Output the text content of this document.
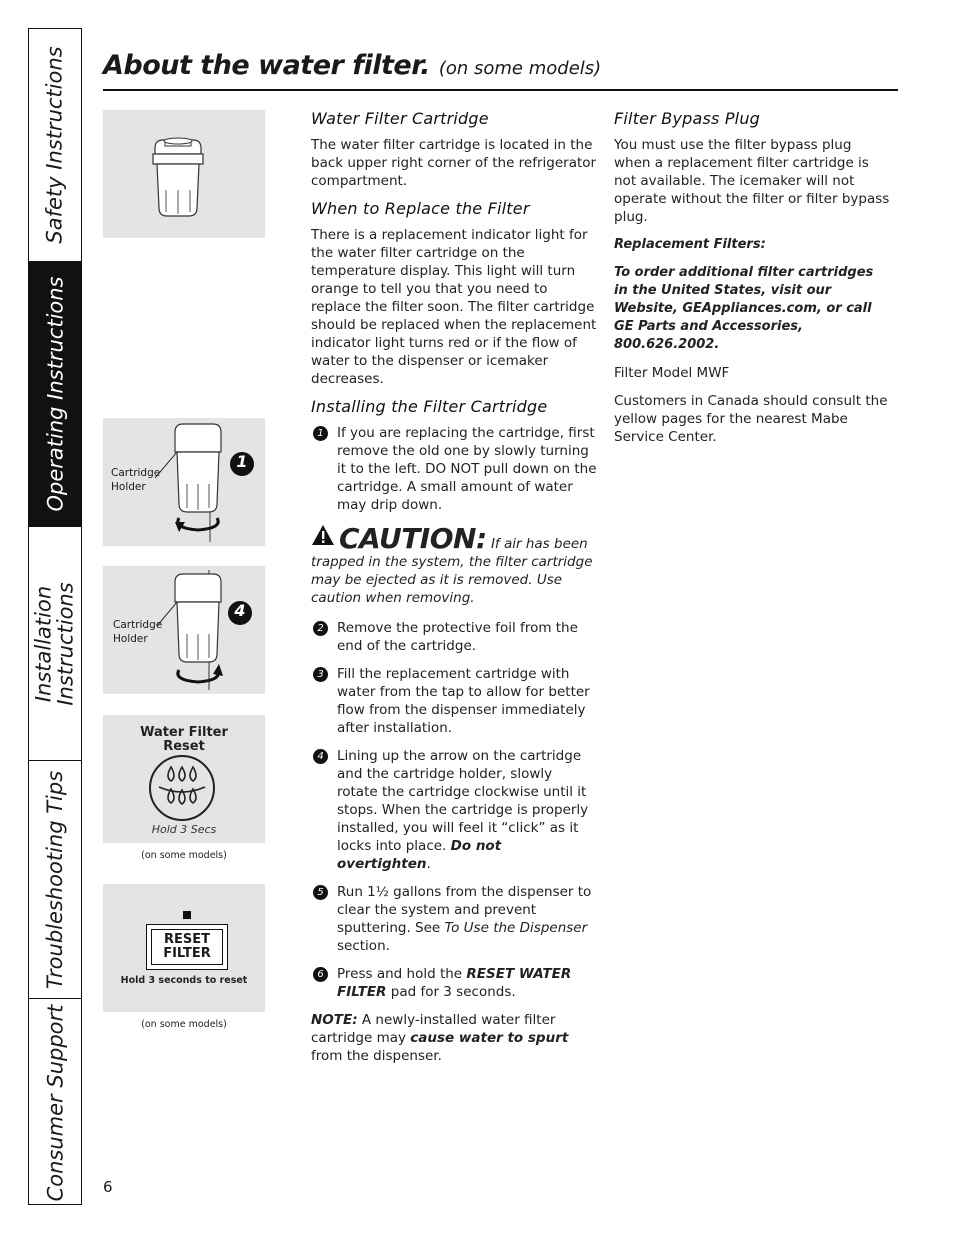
Safety Instructions
Operating Instructions
Installation
Instructions
Troubleshooting Tips
Consumer Support
About the water filter. (on some models)
Cartridge Holder
1
Cartridge Holder
4
Water Filter Reset
Hold 3 Secs
(on some models)
RESET
FILTER
Hold 3 seconds to reset
(on some models)
Water Filter Cartridge

The water filter cartridge is located in the back upper right corner of the refrigerator compartment.

When to Replace the Filter

There is a replacement indicator light for the water filter cartridge on the temperature display. This light will turn orange to tell you that you need to replace the filter soon. The filter cartridge should be replaced when the replacement indicator light turns red or if the flow of water to the dispenser or icemaker decreases.

Installing the Filter Cartridge
1 If you are replacing the cartridge, first remove the old one by slowly turning it to the left. DO NOT pull down on the cartridge. A small amount of water may drip down.
CAUTION: If air has been trapped in the system, the filter cartridge may be ejected as it is removed. Use caution when removing.
2 Remove the protective foil from the end of the cartridge.
3 Fill the replacement cartridge with water from the tap to allow for better flow from the dispenser immediately after installation.
4 Lining up the arrow on the cartridge and the cartridge holder, slowly rotate the cartridge clockwise until it stops. When the cartridge is properly installed, you will feel it “click” as it locks into place. Do not overtighten.
5 Run 1½ gallons from the dispenser to clear the system and prevent sputtering. See To Use the Dispenser section.
6 Press and hold the RESET WATER FILTER pad for 3 seconds.

NOTE: A newly-installed water filter cartridge may cause water to spurt from the dispenser.

Filter Bypass Plug

You must use the filter bypass plug when a replacement filter cartridge is not available. The icemaker will not operate without the filter or filter bypass plug.

Replacement Filters:

To order additional filter cartridges in the United States, visit our Website, GEAppliances.com, or call GE Parts and Accessories, 800.626.2002.

Filter Model MWF

Customers in Canada should consult the yellow pages for the nearest Mabe Service Center.

6
